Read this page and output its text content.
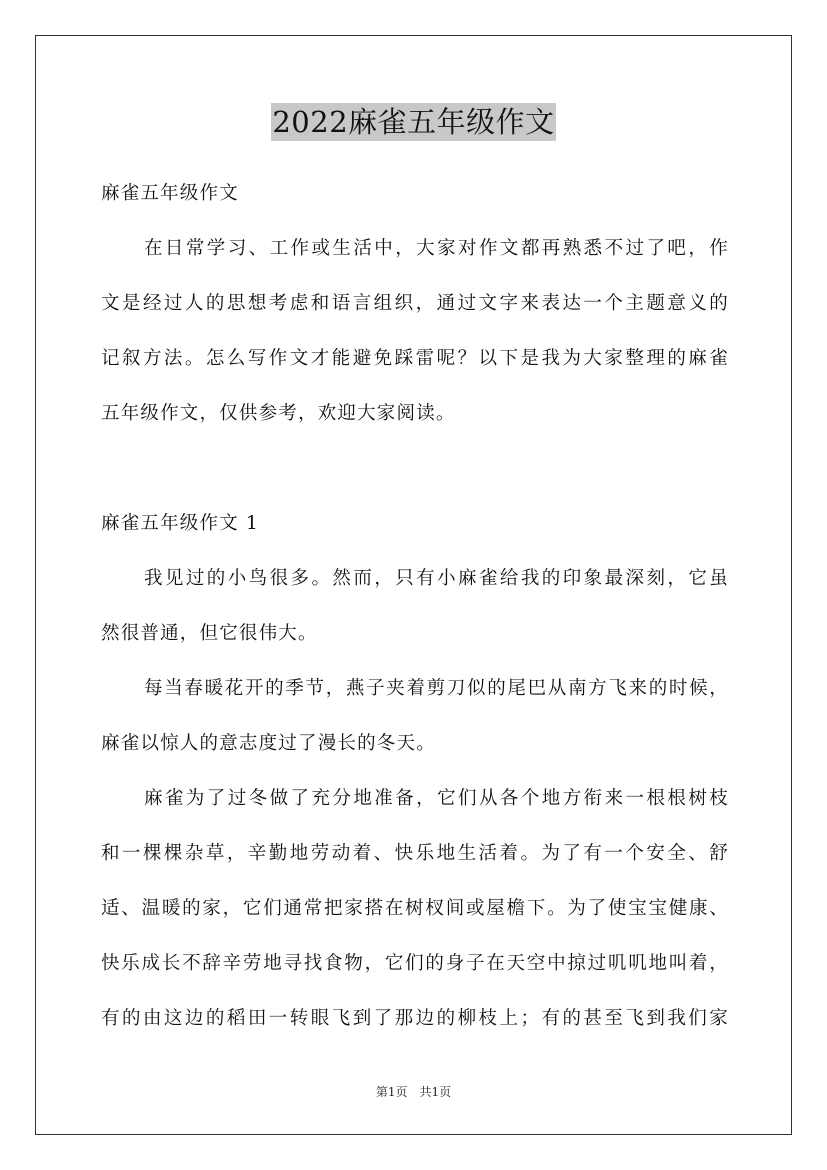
2022麻雀五年级作文
麻雀五年级作文
在日常学习、工作或生活中，大家对作文都再熟悉不过了吧，作
文是经过人的思想考虑和语言组织，通过文字来表达一个主题意义的
记叙方法。怎么写作文才能避免踩雷呢？以下是我为大家整理的麻雀
五年级作文，仅供参考，欢迎大家阅读。
麻雀五年级作文 1
我见过的小鸟很多。然而，只有小麻雀给我的印象最深刻，它虽
然很普通，但它很伟大。
每当春暖花开的季节，燕子夹着剪刀似的尾巴从南方飞来的时候，
麻雀以惊人的意志度过了漫长的冬天。
麻雀为了过冬做了充分地准备，它们从各个地方衔来一根根树枝
和一棵棵杂草，辛勤地劳动着、快乐地生活着。为了有一个安全、舒
适、温暖的家，它们通常把家搭在树杈间或屋檐下。为了使宝宝健康、
快乐成长不辞辛劳地寻找食物，它们的身子在天空中掠过叽叽地叫着，
有的由这边的稻田一转眼飞到了那边的柳枝上；有的甚至飞到我们家
第1页　共1页
